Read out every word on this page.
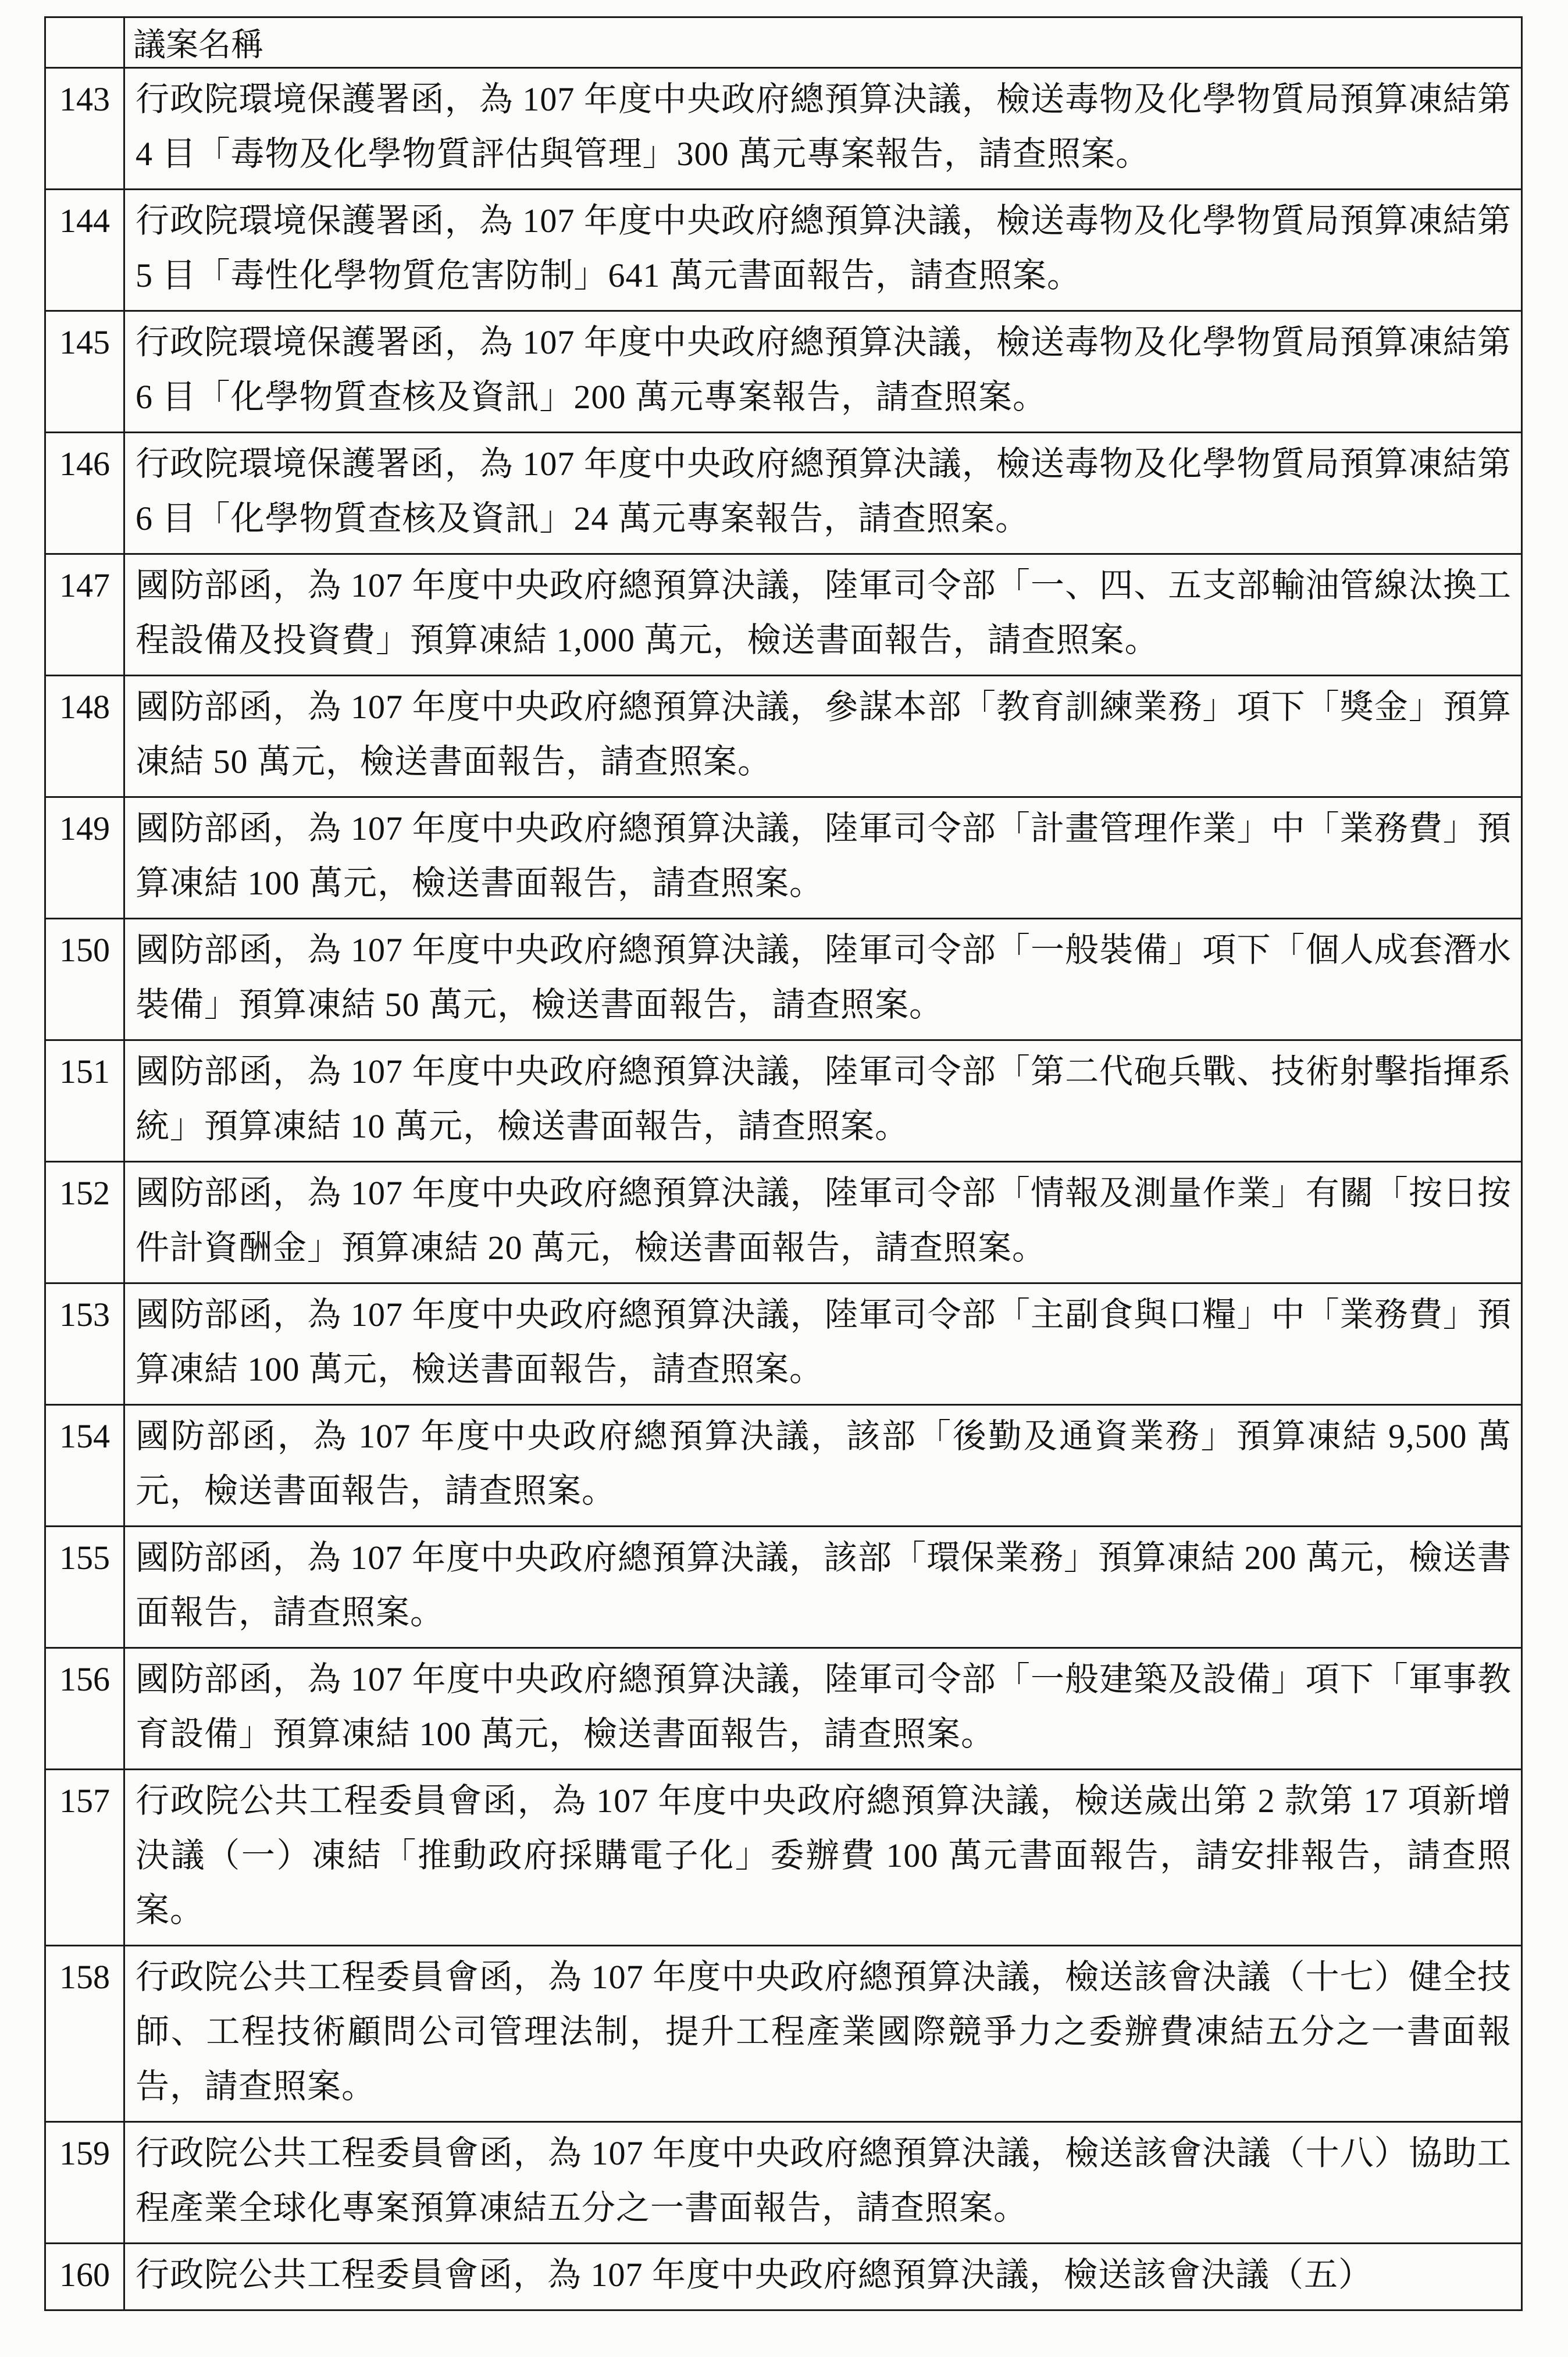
	議案名稱
143	行政院環境保護署函，為 107 年度中央政府總預算決議，檢送毒物及化學物質局預算凍結第 4 目「毒物及化學物質評估與管理」300 萬元專案報告，請查照案。
144	行政院環境保護署函，為 107 年度中央政府總預算決議，檢送毒物及化學物質局預算凍結第 5 目「毒性化學物質危害防制」641 萬元書面報告，請查照案。
145	行政院環境保護署函，為 107 年度中央政府總預算決議，檢送毒物及化學物質局預算凍結第 6 目「化學物質查核及資訊」200 萬元專案報告，請查照案。
146	行政院環境保護署函，為 107 年度中央政府總預算決議，檢送毒物及化學物質局預算凍結第 6 目「化學物質查核及資訊」24 萬元專案報告，請查照案。
147	國防部函，為 107 年度中央政府總預算決議，陸軍司令部「一、四、五支部輸油管線汰換工程設備及投資費」預算凍結 1,000 萬元，檢送書面報告，請查照案。
148	國防部函，為 107 年度中央政府總預算決議，參謀本部「教育訓練業務」項下「獎金」預算凍結 50 萬元，檢送書面報告，請查照案。
149	國防部函，為 107 年度中央政府總預算決議，陸軍司令部「計畫管理作業」中「業務費」預算凍結 100 萬元，檢送書面報告，請查照案。
150	國防部函，為 107 年度中央政府總預算決議，陸軍司令部「一般裝備」項下「個人成套潛水裝備」預算凍結 50 萬元，檢送書面報告，請查照案。
151	國防部函，為 107 年度中央政府總預算決議，陸軍司令部「第二代砲兵戰、技術射擊指揮系統」預算凍結 10 萬元，檢送書面報告，請查照案。
152	國防部函，為 107 年度中央政府總預算決議，陸軍司令部「情報及測量作業」有關「按日按件計資酬金」預算凍結 20 萬元，檢送書面報告，請查照案。
153	國防部函，為 107 年度中央政府總預算決議，陸軍司令部「主副食與口糧」中「業務費」預算凍結 100 萬元，檢送書面報告，請查照案。
154	國防部函，為 107 年度中央政府總預算決議，該部「後勤及通資業務」預算凍結 9,500 萬元，檢送書面報告，請查照案。
155	國防部函，為 107 年度中央政府總預算決議，該部「環保業務」預算凍結 200 萬元，檢送書面報告，請查照案。
156	國防部函，為 107 年度中央政府總預算決議，陸軍司令部「一般建築及設備」項下「軍事教育設備」預算凍結 100 萬元，檢送書面報告，請查照案。
157	行政院公共工程委員會函，為 107 年度中央政府總預算決議，檢送歲出第 2 款第 17 項新增決議（一）凍結「推動政府採購電子化」委辦費 100 萬元書面報告，請安排報告，請查照案。
158	行政院公共工程委員會函，為 107 年度中央政府總預算決議，檢送該會決議（十七）健全技師、工程技術顧問公司管理法制，提升工程產業國際競爭力之委辦費凍結五分之一書面報告，請查照案。
159	行政院公共工程委員會函，為 107 年度中央政府總預算決議，檢送該會決議（十八）協助工程產業全球化專案預算凍結五分之一書面報告，請查照案。
160	行政院公共工程委員會函，為 107 年度中央政府總預算決議，檢送該會決議（五）
